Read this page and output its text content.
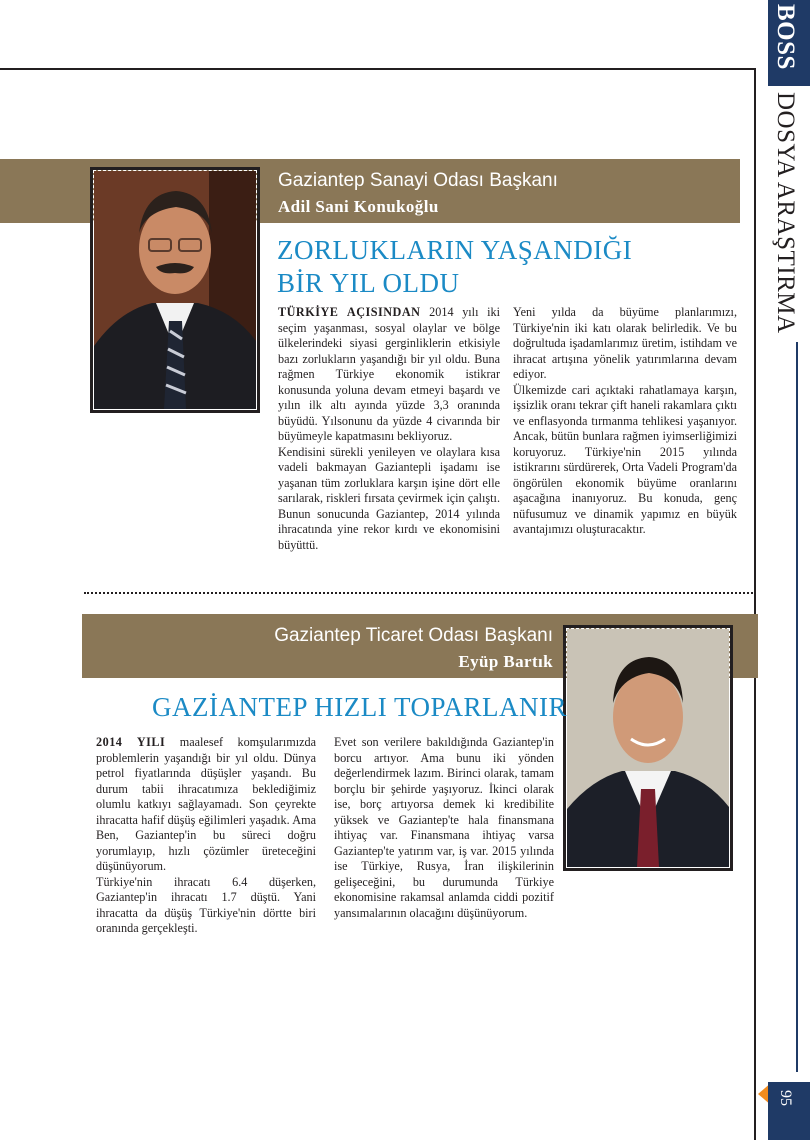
BOSS
DOSYA ARAŞTIRMA
95
Gaziantep Sanayi Odası Başkanı
Adil Sani Konukoğlu
ZORLUKLARIN YAŞANDIĞI
BİR YIL OLDU

TÜRKİYE AÇISINDAN 2014 yılı iki seçim yaşanması, sosyal olaylar ve bölge ülkelerindeki siyasi gerginliklerin etkisiyle bazı zorlukların yaşandığı bir yıl oldu. Buna rağmen Türkiye ekonomik istikrar konusunda yoluna devam etmeyi başardı ve yılın ilk altı ayında yüzde 3,3 oranında büyüdü. Yılsonunu da yüzde 4 civarında bir büyümeyle kapatmasını bekliyoruz.

Kendisini sürekli yenileyen ve olaylara kısa vadeli bakmayan Gaziantepli işadamı ise yaşanan tüm zorluklara karşın işine dört elle sarılarak, riskleri fırsata çevirmek için çalıştı. Bunun sonucunda Gaziantep, 2014 yılında ihracatında yine rekor kırdı ve ekonomisini büyüttü.

Yeni yılda da büyüme planlarımızı, Türkiye'nin iki katı olarak belirledik. Ve bu doğrultuda işadamlarımız üretim, istihdam ve ihracat artışına yönelik yatırımlarına devam ediyor.

Ülkemizde cari açıktaki rahatlamaya karşın, işsizlik oranı tekrar çift haneli rakamlara çıktı ve enflasyonda tırmanma tehlikesi yaşanıyor. Ancak, bütün bunlara rağmen iyimserliğimizi koruyoruz. Türkiye'nin 2015 yılında istikrarını sürdürerek, Orta Vadeli Program'da öngörülen ekonomik büyüme oranlarını aşacağına inanıyoruz. Bu konuda, genç nüfusumuz ve dinamik yapımız en büyük avantajımızı oluşturacaktır.

Gaziantep Ticaret Odası Başkanı
Eyüp Bartık
GAZİANTEP HIZLI TOPARLANIR

2014 YILI maalesef komşularımızda problemlerin yaşandığı bir yıl oldu. Dünya petrol fiyatlarında düşüşler yaşandı. Bu durum tabii ihracatımıza beklediğimiz olumlu katkıyı sağlayamadı. Son çeyrekte ihracatta hafif düşüş eğilimleri yaşadık. Ama Ben, Gaziantep'in bu süreci doğru yorumlayıp, hızlı çözümler üreteceğini düşünüyorum.

Türkiye'nin ihracatı 6.4 düşerken, Gaziantep'in ihracatı 1.7 düştü. Yani ihracatta da düşüş Türkiye'nin dörtte biri oranında gerçekleşti.

Evet son verilere bakıldığında Gaziantep'in borcu artıyor. Ama bunu iki yönden değerlendirmek lazım. Birinci olarak, tamam borçlu bir şehirde yaşıyoruz. İkinci olarak ise, borç artıyorsa demek ki kredibilite yüksek ve Gaziantep'te hala finansmana ihtiyaç var. Finansmana ihtiyaç varsa Gaziantep'te yatırım var, iş var. 2015 yılında ise Türkiye, Rusya, İran ilişkilerinin gelişeceğini, bu durumunda Türkiye ekonomisine rakamsal anlamda ciddi pozitif yansımalarının olacağını düşünüyorum.
